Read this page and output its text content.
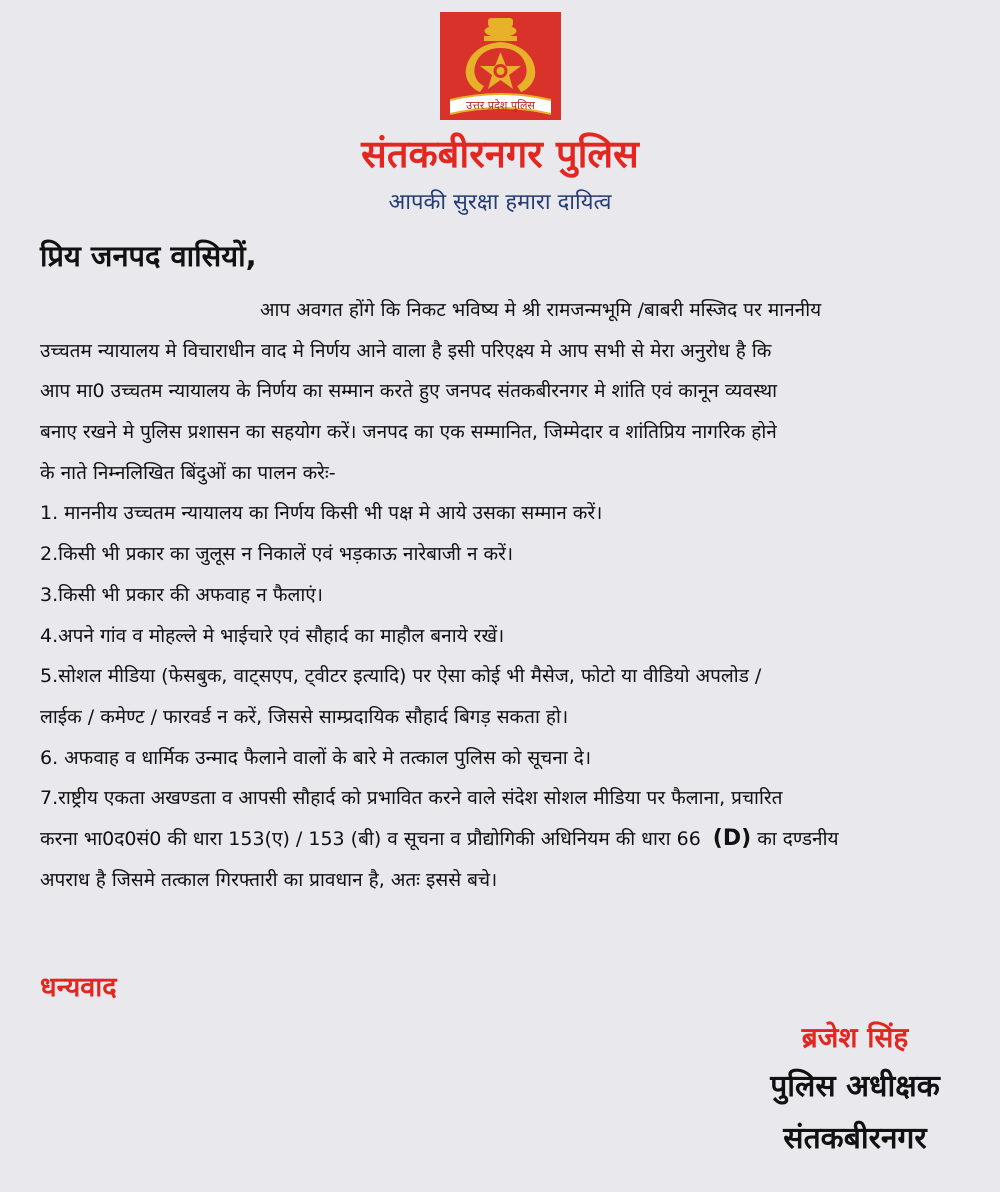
उत्तर प्रदेश पुलिस
संतकबीरनगर पुलिस
आपकी सुरक्षा हमारा दायित्व
प्रिय जनपद वासियों,
आप अवगत होंगे कि निकट भविष्य मे श्री रामजन्मभूमि /बाबरी मस्जिद पर माननीय
उच्चतम न्यायालय मे विचाराधीन वाद मे निर्णय आने वाला है इसी परिएक्ष्य मे आप सभी से मेरा अनुरोध है कि
आप मा0 उच्चतम न्यायालय के निर्णय का सम्मान करते हुए जनपद संतकबीरनगर मे शांति एवं कानून व्यवस्था
बनाए रखने मे पुलिस प्रशासन का सहयोग करें। जनपद का एक सम्मानित, जिम्मेदार व शांतिप्रिय नागरिक होने
के नाते निम्नलिखित बिंदुओं का पालन करेः-
1. माननीय उच्चतम न्यायालय का निर्णय किसी भी पक्ष मे आये उसका सम्मान करें।
2.किसी भी प्रकार का जुलूस न निकालें एवं भड़काऊ नारेबाजी न करें।
3.किसी भी प्रकार की अफवाह न फैलाएं।
4.अपने गांव व मोहल्ले मे भाईचारे एवं सौहार्द का माहौल बनाये रखें।
5.सोशल मीडिया (फेसबुक, वाट्सएप, ट्वीटर इत्यादि) पर ऐसा कोई भी मैसेज, फोटो या वीडियो अपलोड /
लाईक / कमेण्ट / फारवर्ड न करें, जिससे साम्प्रदायिक सौहार्द बिगड़ सकता हो।
6. अफवाह व धार्मिक उन्माद फैलाने वालों के बारे मे तत्काल पुलिस को सूचना दे।
7.राष्ट्रीय एकता अखण्डता व आपसी सौहार्द को प्रभावित करने वाले संदेश सोशल मीडिया पर फैलाना, प्रचारित
करना भा0द0सं0 की धारा 153(ए) / 153 (बी) व सूचना व प्रौद्योगिकी अधिनियम की धारा 66 (D) का दण्डनीय
अपराध है जिसमे तत्काल गिरफ्तारी का प्रावधान है, अतः इससे बचे।
धन्यवाद
ब्रजेश सिंह
पुलिस अधीक्षक
संतकबीरनगर
